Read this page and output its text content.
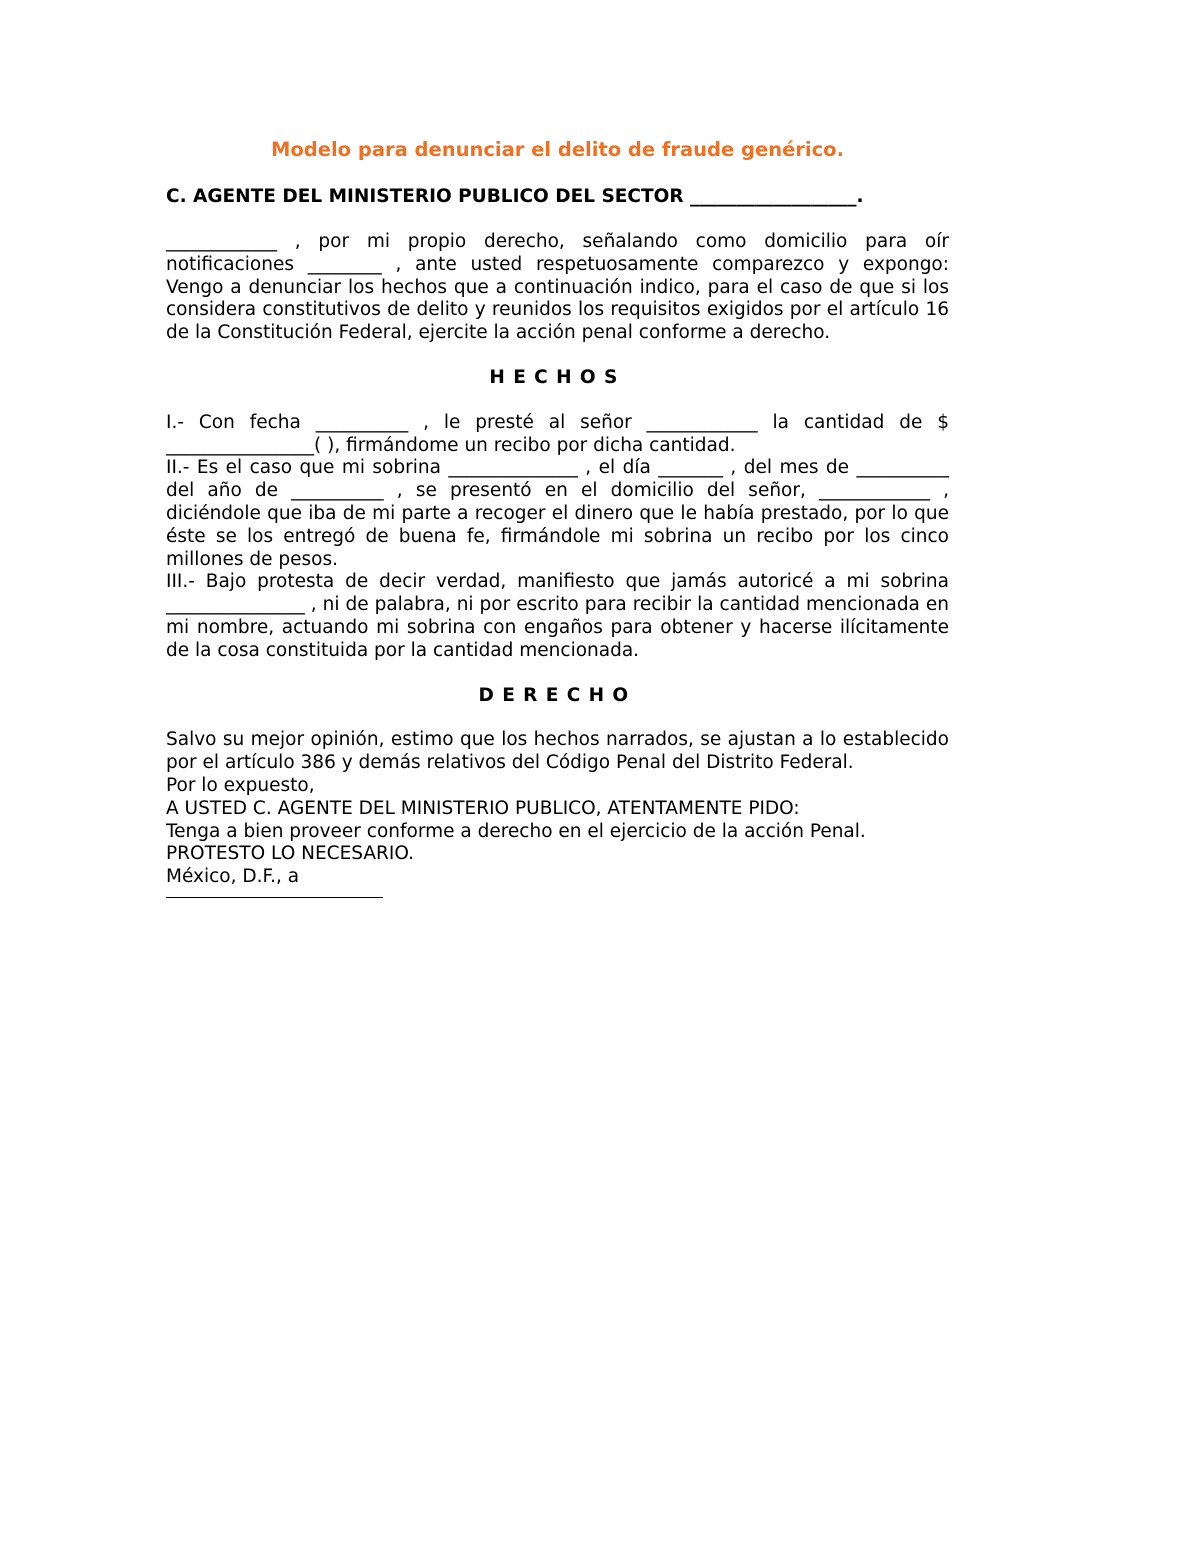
Modelo para denunciar el delito de fraude genérico.
C. AGENTE DEL MINISTERIO PUBLICO DEL SECTOR __________________.

____________ , por mi propio derecho, señalando como domicilio para oír notificaciones ________ , ante usted respetuosamente comparezco y expongo: Vengo a denunciar los hechos que a continuación indico, para el caso de que si los considera constitutivos de delito y reunidos los requisitos exigidos por el artículo 16 de la Constitución Federal, ejercite la acción penal conforme a derecho.

HECHOS

I.- Con fecha __________ , le presté al señor ____________ la cantidad de $ ________________( ), firmándome un recibo por dicha cantidad.

II.- Es el caso que mi sobrina ______________ , el día _______ , del mes de __________ del año de __________ , se presentó en el domicilio del señor, ____________ , diciéndole que iba de mi parte a recoger el dinero que le había prestado, por lo que éste se los entregó de buena fe, firmándole mi sobrina un recibo por los cinco millones de pesos.

III.- Bajo protesta de decir verdad, manifiesto que jamás autoricé a mi sobrina _______________ , ni de palabra, ni por escrito para recibir la cantidad mencionada en mi nombre, actuando mi sobrina con engaños para obtener y hacerse ilícitamente de la cosa constituida por la cantidad mencionada.

DERECHO

Salvo su mejor opinión, estimo que los hechos narrados, se ajustan a lo establecido por el artículo 386 y demás relativos del Código Penal del Distrito Federal.

Por lo expuesto,

A USTED C. AGENTE DEL MINISTERIO PUBLICO, ATENTAMENTE PIDO:

Tenga a bien proveer conforme a derecho en el ejercicio de la acción Penal.

PROTESTO LO NECESARIO.

México, D.F., a
